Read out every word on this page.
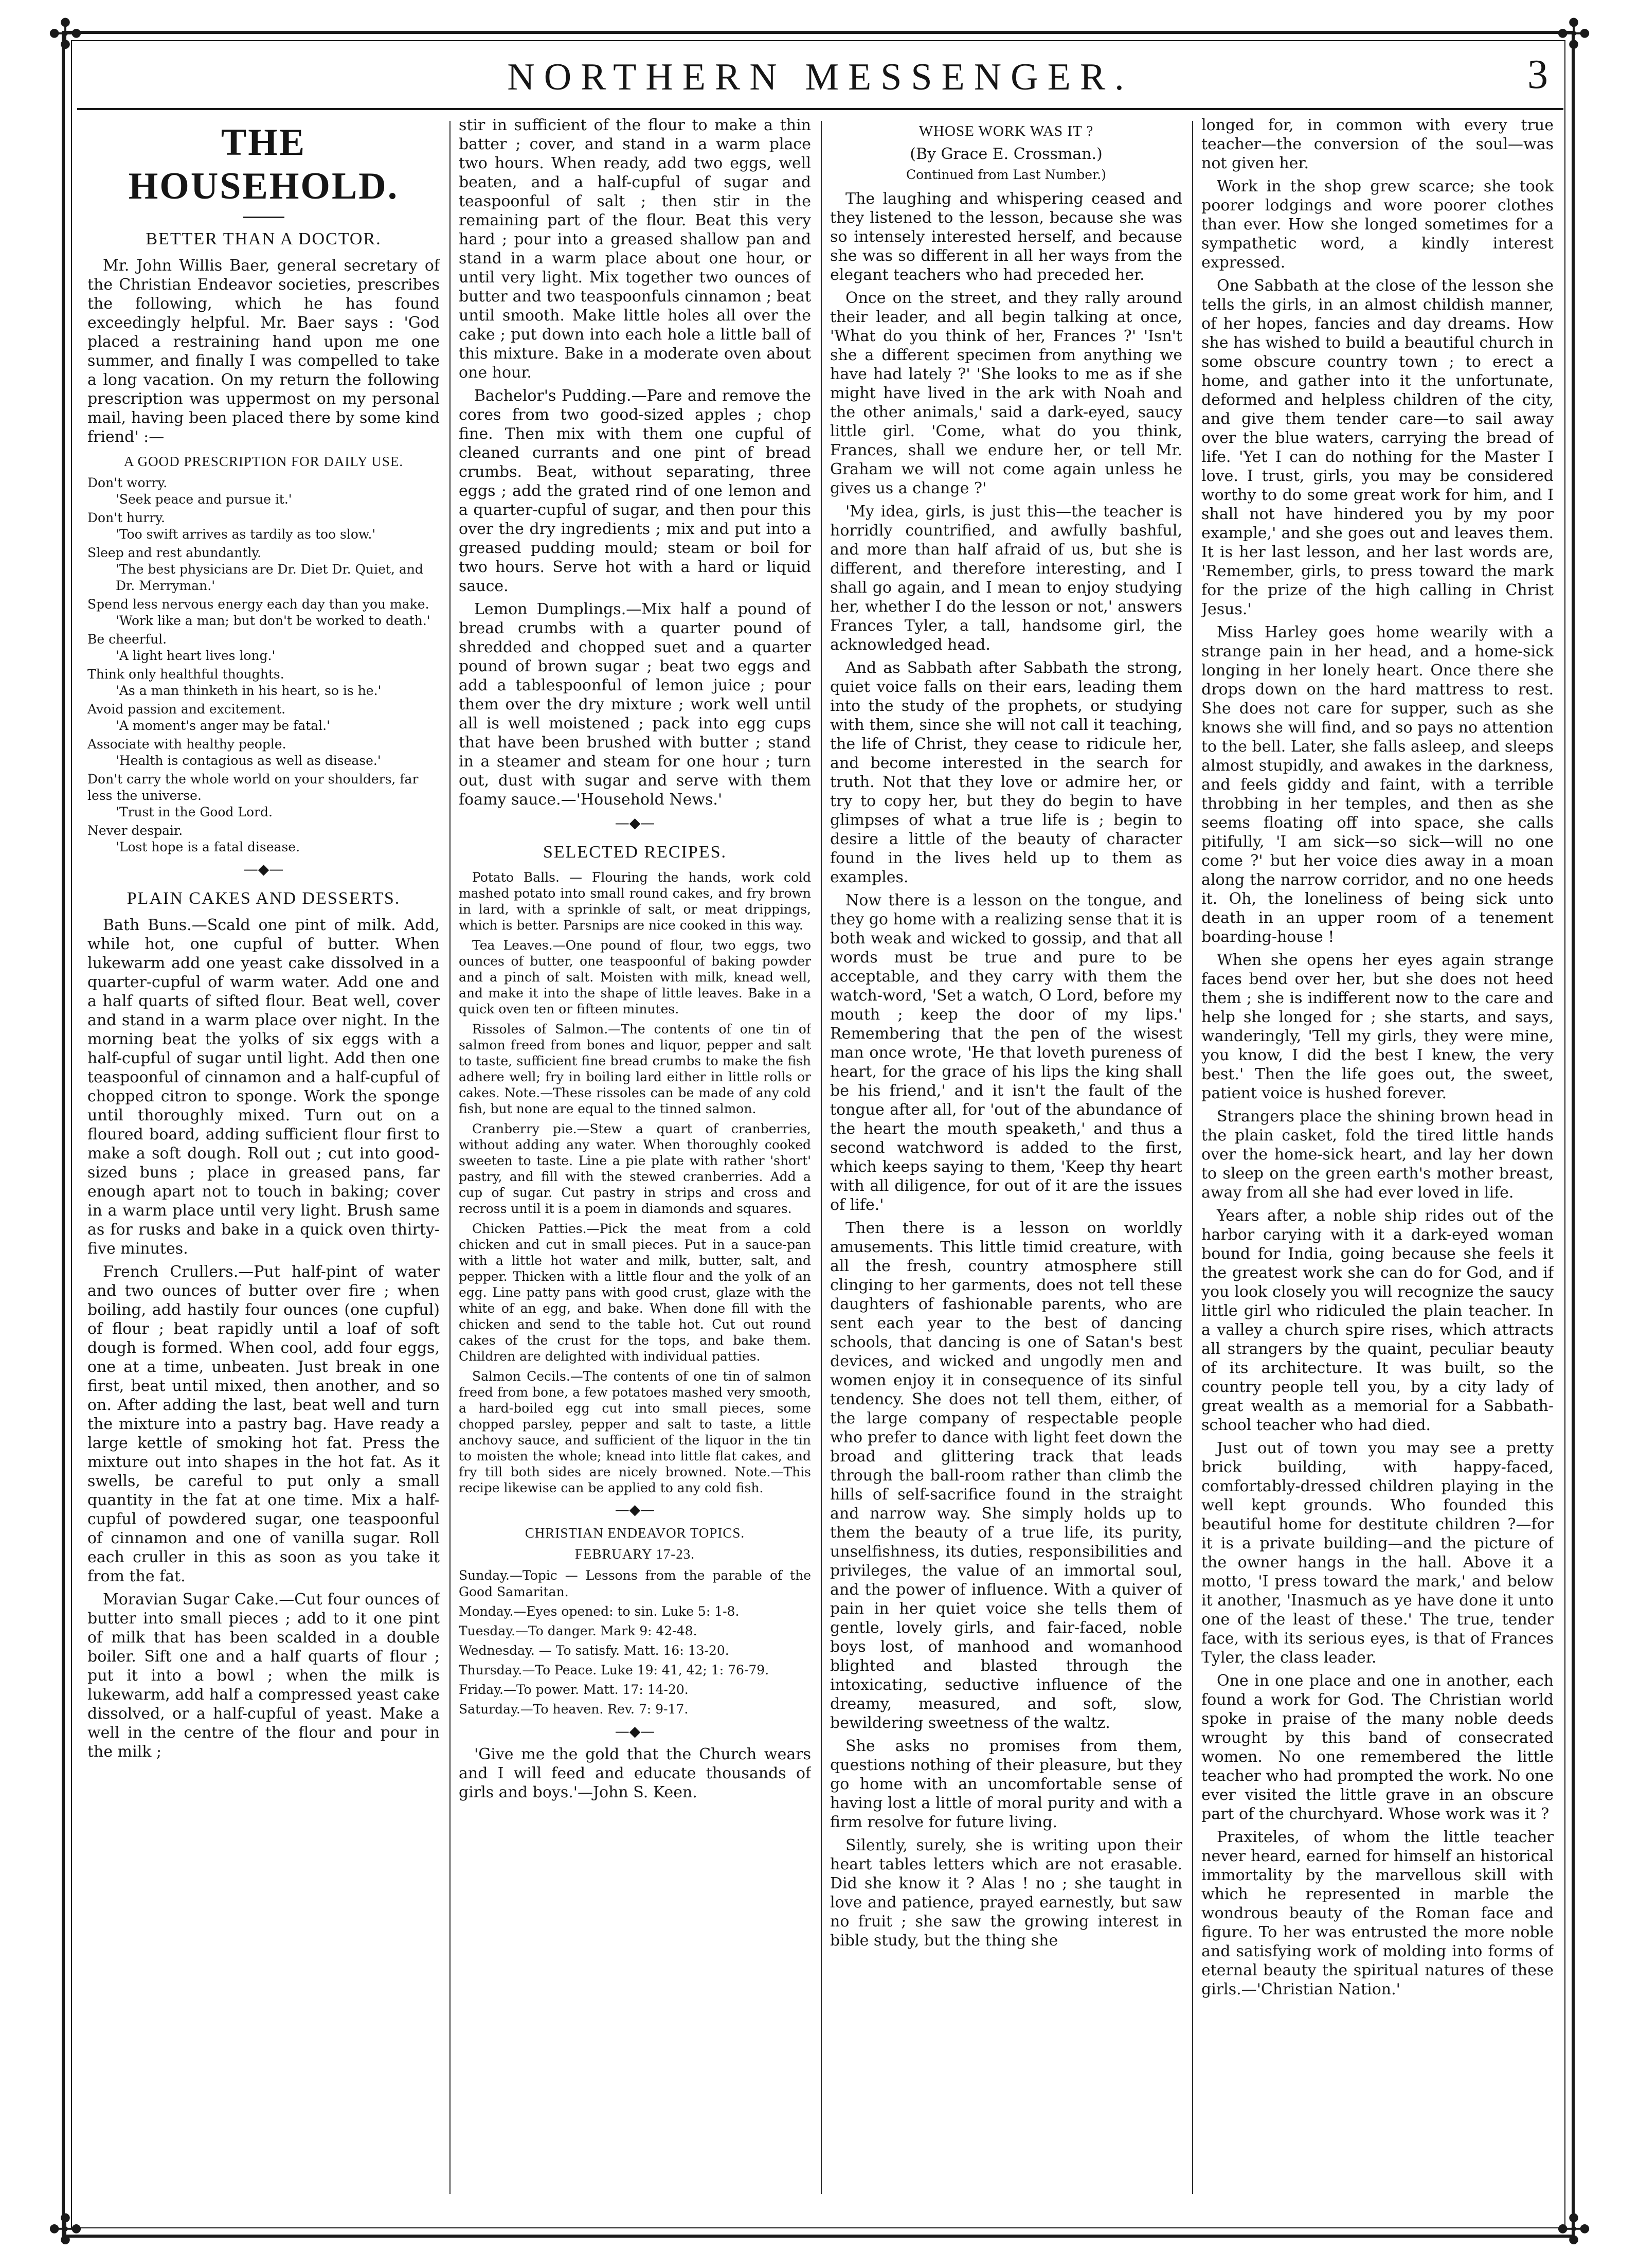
✣	✣
✣	✣
NORTHERN MESSENGER.	3
THE HOUSEHOLD.
BETTER THAN A DOCTOR.

Mr. John Willis Baer, general secretary of the Christian Endeavor societies, prescribes the following, which he has found exceedingly helpful. Mr. Baer says : 'God placed a restraining hand upon me one summer, and finally I was compelled to take a long vacation. On my return the following prescription was uppermost on my personal mail, having been placed there by some kind friend' :—

A GOOD PRESCRIPTION FOR DAILY USE.

Don't worry.

'Seek peace and pursue it.'

Don't hurry.

'Too swift arrives as tardily as too slow.'

Sleep and rest abundantly.

'The best physicians are Dr. Diet Dr. Quiet, and Dr. Merryman.'

Spend less nervous energy each day than you make.

'Work like a man; but don't be worked to death.'

Be cheerful.

'A light heart lives long.'

Think only healthful thoughts.

'As a man thinketh in his heart, so is he.'

Avoid passion and excitement.

'A moment's anger may be fatal.'

Associate with healthy people.

'Health is contagious as well as disease.'

Don't carry the whole world on your shoulders, far less the universe.

'Trust in the Good Lord.

Never despair.

'Lost hope is a fatal disease.

—◆—
PLAIN CAKES AND DESSERTS.

Bath Buns.—Scald one pint of milk. Add, while hot, one cupful of butter. When lukewarm add one yeast cake dissolved in a quarter-cupful of warm water. Add one and a half quarts of sifted flour. Beat well, cover and stand in a warm place over night. In the morning beat the yolks of six eggs with a half-cupful of sugar until light. Add then one teaspoonful of cinnamon and a half-cupful of chopped citron to sponge. Work the sponge until thoroughly mixed. Turn out on a floured board, adding sufficient flour first to make a soft dough. Roll out ; cut into good-sized buns ; place in greased pans, far enough apart not to touch in baking; cover in a warm place until very light. Brush same as for rusks and bake in a quick oven thirty-five minutes.

French Crullers.—Put half-pint of water and two ounces of butter over fire ; when boiling, add hastily four ounces (one cupful) of flour ; beat rapidly until a loaf of soft dough is formed. When cool, add four eggs, one at a time, unbeaten. Just break in one first, beat until mixed, then another, and so on. After adding the last, beat well and turn the mixture into a pastry bag. Have ready a large kettle of smoking hot fat. Press the mixture out into shapes in the hot fat. As it swells, be careful to put only a small quantity in the fat at one time. Mix a half-cupful of powdered sugar, one teaspoonful of cinnamon and one of vanilla sugar. Roll each cruller in this as soon as you take it from the fat.

Moravian Sugar Cake.—Cut four ounces of butter into small pieces ; add to it one pint of milk that has been scalded in a double boiler. Sift one and a half quarts of flour ; put it into a bowl ; when the milk is lukewarm, add half a compressed yeast cake dissolved, or a half-cupful of yeast. Make a well in the centre of the flour and pour in the milk ;

stir in sufficient of the flour to make a thin batter ; cover, and stand in a warm place two hours. When ready, add two eggs, well beaten, and a half-cupful of sugar and teaspoonful of salt ; then stir in the remaining part of the flour. Beat this very hard ; pour into a greased shallow pan and stand in a warm place about one hour, or until very light. Mix together two ounces of butter and two teaspoonfuls cinnamon ; beat until smooth. Make little holes all over the cake ; put down into each hole a little ball of this mixture. Bake in a moderate oven about one hour.

Bachelor's Pudding.—Pare and remove the cores from two good-sized apples ; chop fine. Then mix with them one cupful of cleaned currants and one pint of bread crumbs. Beat, without separating, three eggs ; add the grated rind of one lemon and a quarter-cupful of sugar, and then pour this over the dry ingredients ; mix and put into a greased pudding mould; steam or boil for two hours. Serve hot with a hard or liquid sauce.

Lemon Dumplings.—Mix half a pound of bread crumbs with a quarter pound of shredded and chopped suet and a quarter pound of brown sugar ; beat two eggs and add a tablespoonful of lemon juice ; pour them over the dry mixture ; work well until all is well moistened ; pack into egg cups that have been brushed with butter ; stand in a steamer and steam for one hour ; turn out, dust with sugar and serve with them foamy sauce.—'Household News.'

—◆—
SELECTED RECIPES.

Potato Balls. — Flouring the hands, work cold mashed potato into small round cakes, and fry brown in lard, with a sprinkle of salt, or meat drippings, which is better. Parsnips are nice cooked in this way.

Tea Leaves.—One pound of flour, two eggs, two ounces of butter, one teaspoonful of baking powder and a pinch of salt. Moisten with milk, knead well, and make it into the shape of little leaves. Bake in a quick oven ten or fifteen minutes.

Rissoles of Salmon.—The contents of one tin of salmon freed from bones and liquor, pepper and salt to taste, sufficient fine bread crumbs to make the fish adhere well; fry in boiling lard either in little rolls or cakes. Note.—These rissoles can be made of any cold fish, but none are equal to the tinned salmon.

Cranberry pie.—Stew a quart of cranberries, without adding any water. When thoroughly cooked sweeten to taste. Line a pie plate with rather 'short' pastry, and fill with the stewed cranberries. Add a cup of sugar. Cut pastry in strips and cross and recross until it is a poem in diamonds and squares.

Chicken Patties.—Pick the meat from a cold chicken and cut in small pieces. Put in a sauce-pan with a little hot water and milk, butter, salt, and pepper. Thicken with a little flour and the yolk of an egg. Line patty pans with good crust, glaze with the white of an egg, and bake. When done fill with the chicken and send to the table hot. Cut out round cakes of the crust for the tops, and bake them. Children are delighted with individual patties.

Salmon Cecils.—The contents of one tin of salmon freed from bone, a few potatoes mashed very smooth, a hard-boiled egg cut into small pieces, some chopped parsley, pepper and salt to taste, a little anchovy sauce, and sufficient of the liquor in the tin to moisten the whole; knead into little flat cakes, and fry till both sides are nicely browned. Note.—This recipe likewise can be applied to any cold fish.

—◆—
CHRISTIAN ENDEAVOR TOPICS.
FEBRUARY 17-23.

Sunday.—Topic — Lessons from the parable of the Good Samaritan.

Monday.—Eyes opened: to sin. Luke 5: 1-8.

Tuesday.—To danger. Mark 9: 42-48.

Wednesday. — To satisfy. Matt. 16: 13-20.

Thursday.—To Peace. Luke 19: 41, 42; 1: 76-79.

Friday.—To power. Matt. 17: 14-20.

Saturday.—To heaven. Rev. 7: 9-17.

—◆—

'Give me the gold that the Church wears and I will feed and educate thousands of girls and boys.'—John S. Keen.

WHOSE WORK WAS IT ?
(By Grace E. Crossman.)
Continued from Last Number.)

The laughing and whispering ceased and they listened to the lesson, because she was so intensely interested herself, and because she was so different in all her ways from the elegant teachers who had preceded her.

Once on the street, and they rally around their leader, and all begin talking at once, 'What do you think of her, Frances ?' 'Isn't she a different specimen from anything we have had lately ?' 'She looks to me as if she might have lived in the ark with Noah and the other animals,' said a dark-eyed, saucy little girl. 'Come, what do you think, Frances, shall we endure her, or tell Mr. Graham we will not come again unless he gives us a change ?'

'My idea, girls, is just this—the teacher is horridly countrified, and awfully bashful, and more than half afraid of us, but she is different, and therefore interesting, and I shall go again, and I mean to enjoy studying her, whether I do the lesson or not,' answers Frances Tyler, a tall, handsome girl, the acknowledged head.

And as Sabbath after Sabbath the strong, quiet voice falls on their ears, leading them into the study of the prophets, or studying with them, since she will not call it teaching, the life of Christ, they cease to ridicule her, and become interested in the search for truth. Not that they love or admire her, or try to copy her, but they do begin to have glimpses of what a true life is ; begin to desire a little of the beauty of character found in the lives held up to them as examples.

Now there is a lesson on the tongue, and they go home with a realizing sense that it is both weak and wicked to gossip, and that all words must be true and pure to be acceptable, and they carry with them the watch-word, 'Set a watch, O Lord, before my mouth ; keep the door of my lips.' Remembering that the pen of the wisest man once wrote, 'He that loveth pureness of heart, for the grace of his lips the king shall be his friend,' and it isn't the fault of the tongue after all, for 'out of the abundance of the heart the mouth speaketh,' and thus a second watchword is added to the first, which keeps saying to them, 'Keep thy heart with all diligence, for out of it are the issues of life.'

Then there is a lesson on worldly amusements. This little timid creature, with all the fresh, country atmosphere still clinging to her garments, does not tell these daughters of fashionable parents, who are sent each year to the best of dancing schools, that dancing is one of Satan's best devices, and wicked and ungodly men and women enjoy it in consequence of its sinful tendency. She does not tell them, either, of the large company of respectable people who prefer to dance with light feet down the broad and glittering track that leads through the ball-room rather than climb the hills of self-sacrifice found in the straight and narrow way. She simply holds up to them the beauty of a true life, its purity, unselfishness, its duties, responsibilities and privileges, the value of an immortal soul, and the power of influence. With a quiver of pain in her quiet voice she tells them of gentle, lovely girls, and fair-faced, noble boys lost, of manhood and womanhood blighted and blasted through the intoxicating, seductive influence of the dreamy, measured, and soft, slow, bewildering sweetness of the waltz.

She asks no promises from them, questions nothing of their pleasure, but they go home with an uncomfortable sense of having lost a little of moral purity and with a firm resolve for future living.

Silently, surely, she is writing upon their heart tables letters which are not erasable. Did she know it ? Alas ! no ; she taught in love and patience, prayed earnestly, but saw no fruit ; she saw the growing interest in bible study, but the thing she

longed for, in common with every true teacher—the conversion of the soul—was not given her.

Work in the shop grew scarce; she took poorer lodgings and wore poorer clothes than ever. How she longed sometimes for a sympathetic word, a kindly interest expressed.

One Sabbath at the close of the lesson she tells the girls, in an almost childish manner, of her hopes, fancies and day dreams. How she has wished to build a beautiful church in some obscure country town ; to erect a home, and gather into it the unfortunate, deformed and helpless children of the city, and give them tender care—to sail away over the blue waters, carrying the bread of life. 'Yet I can do nothing for the Master I love. I trust, girls, you may be considered worthy to do some great work for him, and I shall not have hindered you by my poor example,' and she goes out and leaves them. It is her last lesson, and her last words are, 'Remember, girls, to press toward the mark for the prize of the high calling in Christ Jesus.'

Miss Harley goes home wearily with a strange pain in her head, and a home-sick longing in her lonely heart. Once there she drops down on the hard mattress to rest. She does not care for supper, such as she knows she will find, and so pays no attention to the bell. Later, she falls asleep, and sleeps almost stupidly, and awakes in the darkness, and feels giddy and faint, with a terrible throbbing in her temples, and then as she seems floating off into space, she calls pitifully, 'I am sick—so sick—will no one come ?' but her voice dies away in a moan along the narrow corridor, and no one heeds it. Oh, the loneliness of being sick unto death in an upper room of a tenement boarding-house !

When she opens her eyes again strange faces bend over her, but she does not heed them ; she is indifferent now to the care and help she longed for ; she starts, and says, wanderingly, 'Tell my girls, they were mine, you know, I did the best I knew, the very best.' Then the life goes out, the sweet, patient voice is hushed forever.

Strangers place the shining brown head in the plain casket, fold the tired little hands over the home-sick heart, and lay her down to sleep on the green earth's mother breast, away from all she had ever loved in life.

Years after, a noble ship rides out of the harbor carying with it a dark-eyed woman bound for India, going because she feels it the greatest work she can do for God, and if you look closely you will recognize the saucy little girl who ridiculed the plain teacher. In a valley a church spire rises, which attracts all strangers by the quaint, peculiar beauty of its architecture. It was built, so the country people tell you, by a city lady of great wealth as a memorial for a Sabbath-school teacher who had died.

Just out of town you may see a pretty brick building, with happy-faced, comfortably-dressed children playing in the well kept grounds. Who founded this beautiful home for destitute children ?—for it is a private building—and the picture of the owner hangs in the hall. Above it a motto, 'I press toward the mark,' and below it another, 'Inasmuch as ye have done it unto one of the least of these.' The true, tender face, with its serious eyes, is that of Frances Tyler, the class leader.

One in one place and one in another, each found a work for God. The Christian world spoke in praise of the many noble deeds wrought by this band of consecrated women. No one remembered the little teacher who had prompted the work. No one ever visited the little grave in an obscure part of the churchyard. Whose work was it ?

Praxiteles, of whom the little teacher never heard, earned for himself an historical immortality by the marvellous skill with which he represented in marble the wondrous beauty of the Roman face and figure. To her was entrusted the more noble and satisfying work of molding into forms of eternal beauty the spiritual natures of these girls.—'Christian Nation.'
